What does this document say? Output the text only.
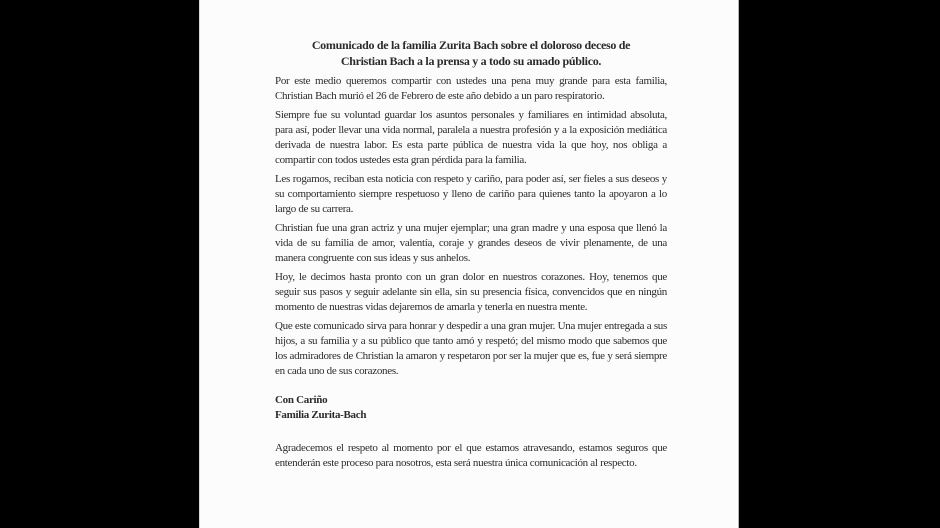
Comunicado de la familia Zurita Bach sobre el doloroso deceso de
Christian Bach a la prensa y a todo su amado público.

Por este medio queremos compartir con ustedes una pena muy grande para esta familia, Christian Bach murió el 26 de Febrero de este año debido a un paro respiratorio.

Siempre fue su voluntad guardar los asuntos personales y familiares en intimidad absoluta, para así, poder llevar una vida normal, paralela a nuestra profesión y a la exposición mediática derivada de nuestra labor. Es esta parte pública de nuestra vida la que hoy, nos obliga a compartir con todos ustedes esta gran pérdida para la familia.

Les rogamos, reciban esta noticia con respeto y cariño, para poder así, ser fieles a sus deseos y su comportamiento siempre respetuoso y lleno de cariño para quienes tanto la apoyaron a lo largo de su carrera.

Christian fue una gran actriz y una mujer ejemplar; una gran madre y una esposa que llenó la vida de su familia de amor, valentía, coraje y grandes deseos de vivir plenamente, de una manera congruente con sus ideas y sus anhelos.

Hoy, le decimos hasta pronto con un gran dolor en nuestros corazones. Hoy, tenemos que seguir sus pasos y seguir adelante sin ella, sin su presencia física, convencidos que en ningún momento de nuestras vidas dejaremos de amarla y tenerla en nuestra mente.

Que este comunicado sirva para honrar y despedir a una gran mujer. Una mujer entregada a sus hijos, a su familia y a su público que tanto amó y respetó; del mismo modo que sabemos que los admiradores de Christian la amaron y respetaron por ser la mujer que es, fue y será siempre en cada uno de sus corazones.

Con Cariño
Familia Zurita-Bach

Agradecemos el respeto al momento por el que estamos atravesando, estamos seguros que entenderán este proceso para nosotros, esta será nuestra única comunicación al respecto.
